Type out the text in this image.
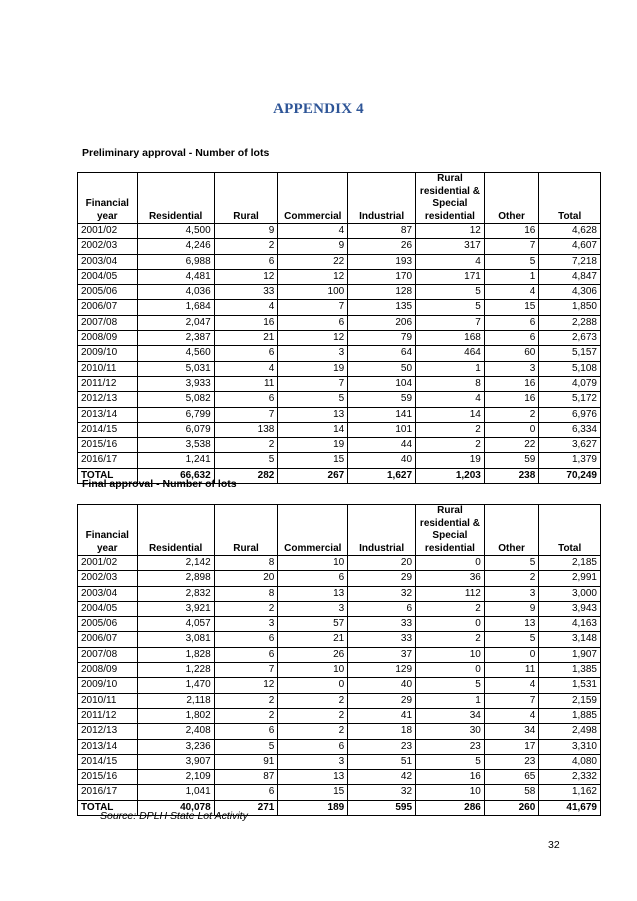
APPENDIX 4
Preliminary approval - Number of lots
Financial year	Residential	Rural	Commercial	Industrial	Rural residential & Special residential	Other	Total
2001/02	4,500	9	4	87	12	16	4,628
2002/03	4,246	2	9	26	317	7	4,607
2003/04	6,988	6	22	193	4	5	7,218
2004/05	4,481	12	12	170	171	1	4,847
2005/06	4,036	33	100	128	5	4	4,306
2006/07	1,684	4	7	135	5	15	1,850
2007/08	2,047	16	6	206	7	6	2,288
2008/09	2,387	21	12	79	168	6	2,673
2009/10	4,560	6	3	64	464	60	5,157
2010/11	5,031	4	19	50	1	3	5,108
2011/12	3,933	11	7	104	8	16	4,079
2012/13	5,082	6	5	59	4	16	5,172
2013/14	6,799	7	13	141	14	2	6,976
2014/15	6,079	138	14	101	2	0	6,334
2015/16	3,538	2	19	44	2	22	3,627
2016/17	1,241	5	15	40	19	59	1,379
TOTAL	66,632	282	267	1,627	1,203	238	70,249
Final approval - Number of lots
Financial year	Residential	Rural	Commercial	Industrial	Rural residential & Special residential	Other	Total
2001/02	2,142	8	10	20	0	5	2,185
2002/03	2,898	20	6	29	36	2	2,991
2003/04	2,832	8	13	32	112	3	3,000
2004/05	3,921	2	3	6	2	9	3,943
2005/06	4,057	3	57	33	0	13	4,163
2006/07	3,081	6	21	33	2	5	3,148
2007/08	1,828	6	26	37	10	0	1,907
2008/09	1,228	7	10	129	0	11	1,385
2009/10	1,470	12	0	40	5	4	1,531
2010/11	2,118	2	2	29	1	7	2,159
2011/12	1,802	2	2	41	34	4	1,885
2012/13	2,408	6	2	18	30	34	2,498
2013/14	3,236	5	6	23	23	17	3,310
2014/15	3,907	91	3	51	5	23	4,080
2015/16	2,109	87	13	42	16	65	2,332
2016/17	1,041	6	15	32	10	58	1,162
TOTAL	40,078	271	189	595	286	260	41,679
Source: DPLH State Lot Activity
32
